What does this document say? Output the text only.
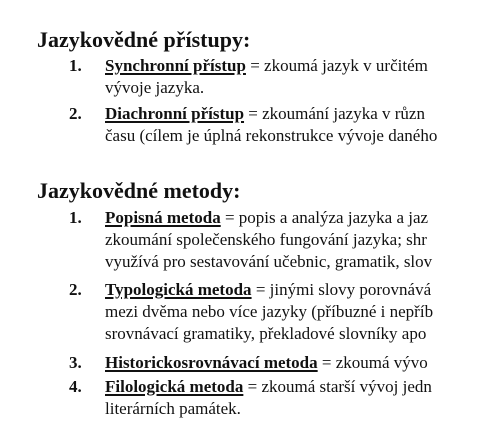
Jazykovědné přístupy:
1. Synchronní přístup = zkoumá jazyk v určitém
vývoje jazyka.
2. Diachronní přístup = zkoumání jazyka v různ
času (cílem je úplná rekonstrukce vývoje daného
Jazykovědné metody:
1. Popisná metoda = popis a analýza jazyka a jaz
zkoumání společenského fungování jazyka; shr
využívá pro sestavování učebnic, gramatik, slov
2. Typologická metoda = jinými slovy porovnává
mezi dvěma nebo více jazyky (příbuzné i nepříb
srovnávací gramatiky, překladové slovníky apo
3. Historickosrovnávací metoda = zkoumá vývo
4. Filologická metoda = zkoumá starší vývoj jedn
literárních památek.
